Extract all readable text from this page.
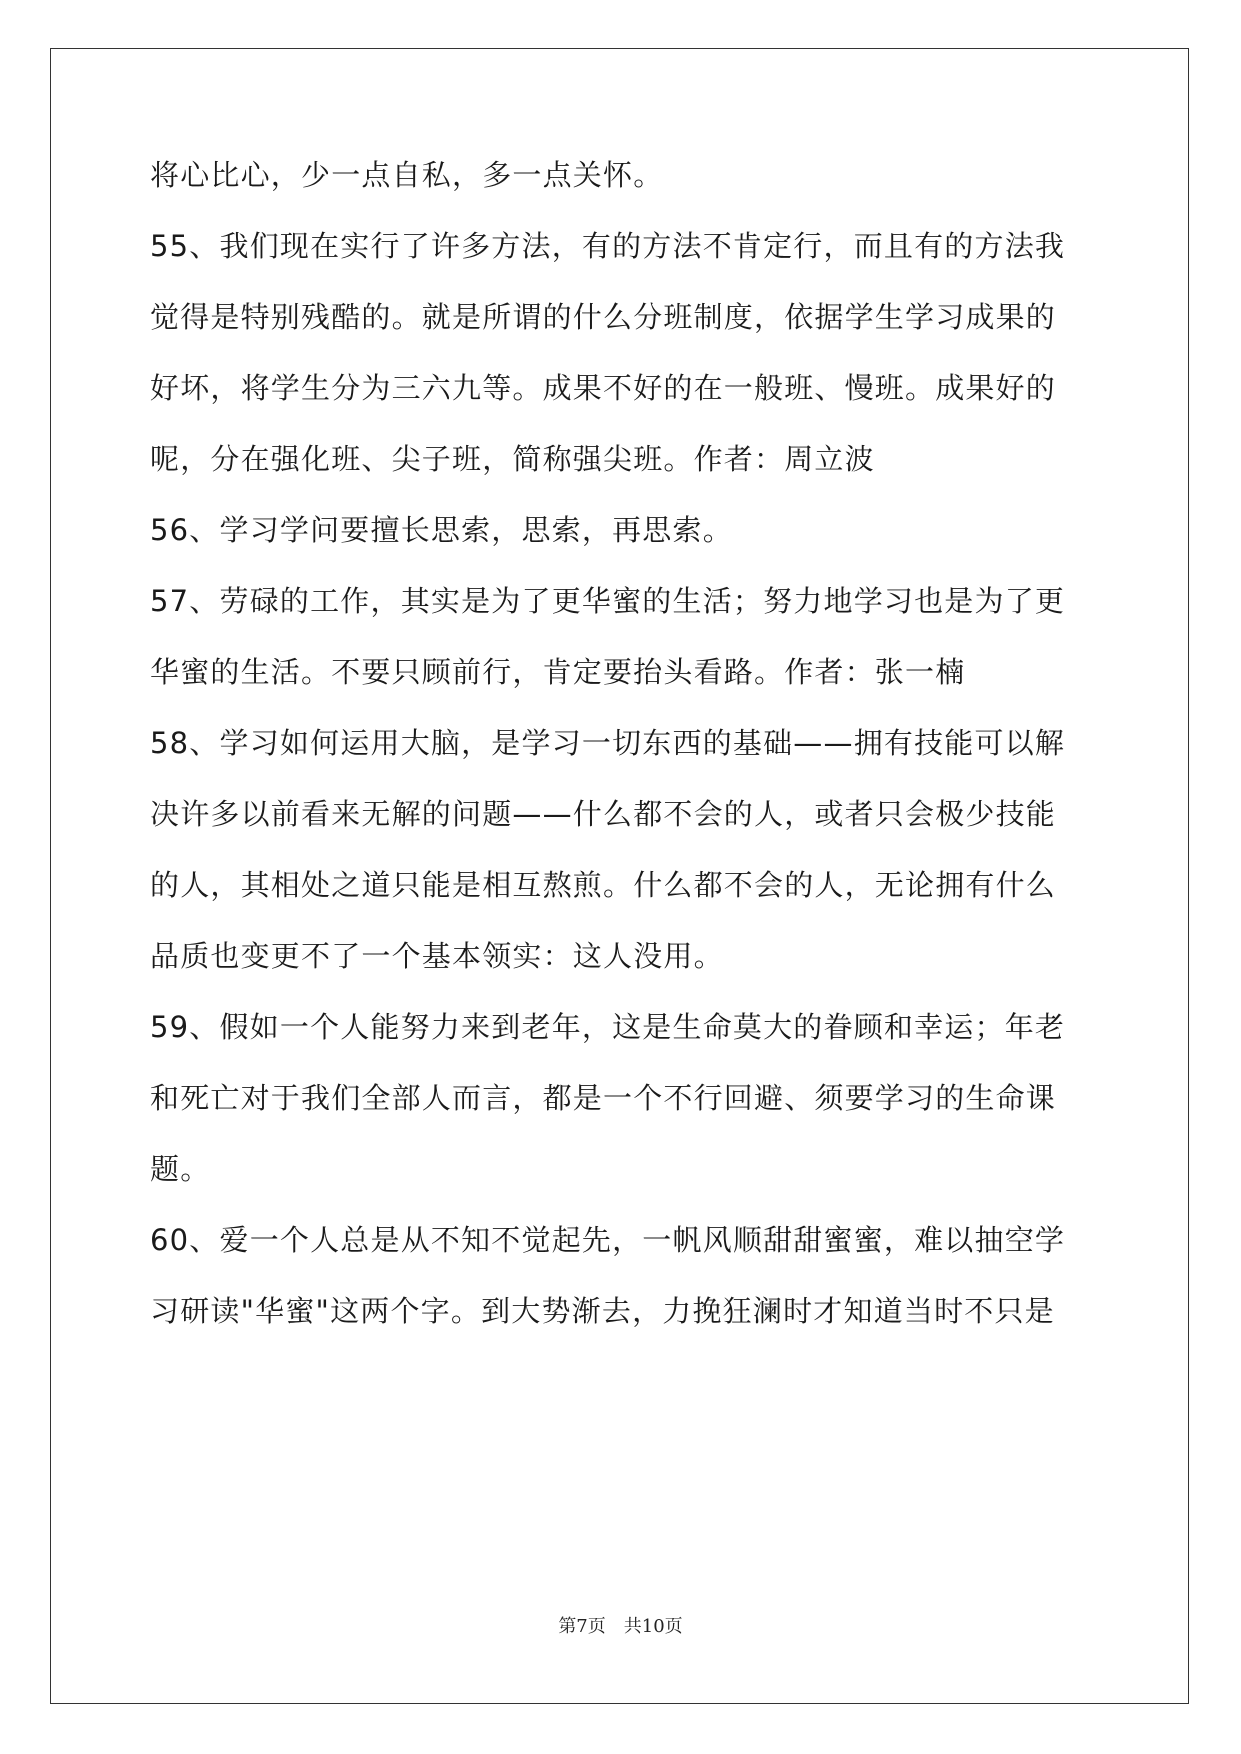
将心比心，少一点自私，多一点关怀。
55、我们现在实行了许多方法，有的方法不肯定行，而且有的方法我
觉得是特别残酷的。就是所谓的什么分班制度，依据学生学习成果的
好坏，将学生分为三六九等。成果不好的在一般班、慢班。成果好的
呢，分在强化班、尖子班，简称强尖班。作者：周立波
56、学习学问要擅长思索，思索，再思索。
57、劳碌的工作，其实是为了更华蜜的生活；努力地学习也是为了更
华蜜的生活。不要只顾前行，肯定要抬头看路。作者：张一楠
58、学习如何运用大脑，是学习一切东西的基础——拥有技能可以解
决许多以前看来无解的问题——什么都不会的人，或者只会极少技能
的人，其相处之道只能是相互熬煎。什么都不会的人，无论拥有什么
品质也变更不了一个基本领实：这人没用。
59、假如一个人能努力来到老年，这是生命莫大的眷顾和幸运；年老
和死亡对于我们全部人而言，都是一个不行回避、须要学习的生命课
题。
60、爱一个人总是从不知不觉起先，一帆风顺甜甜蜜蜜，难以抽空学
习研读"华蜜"这两个字。到大势渐去，力挽狂澜时才知道当时不只是
第7页　共10页
